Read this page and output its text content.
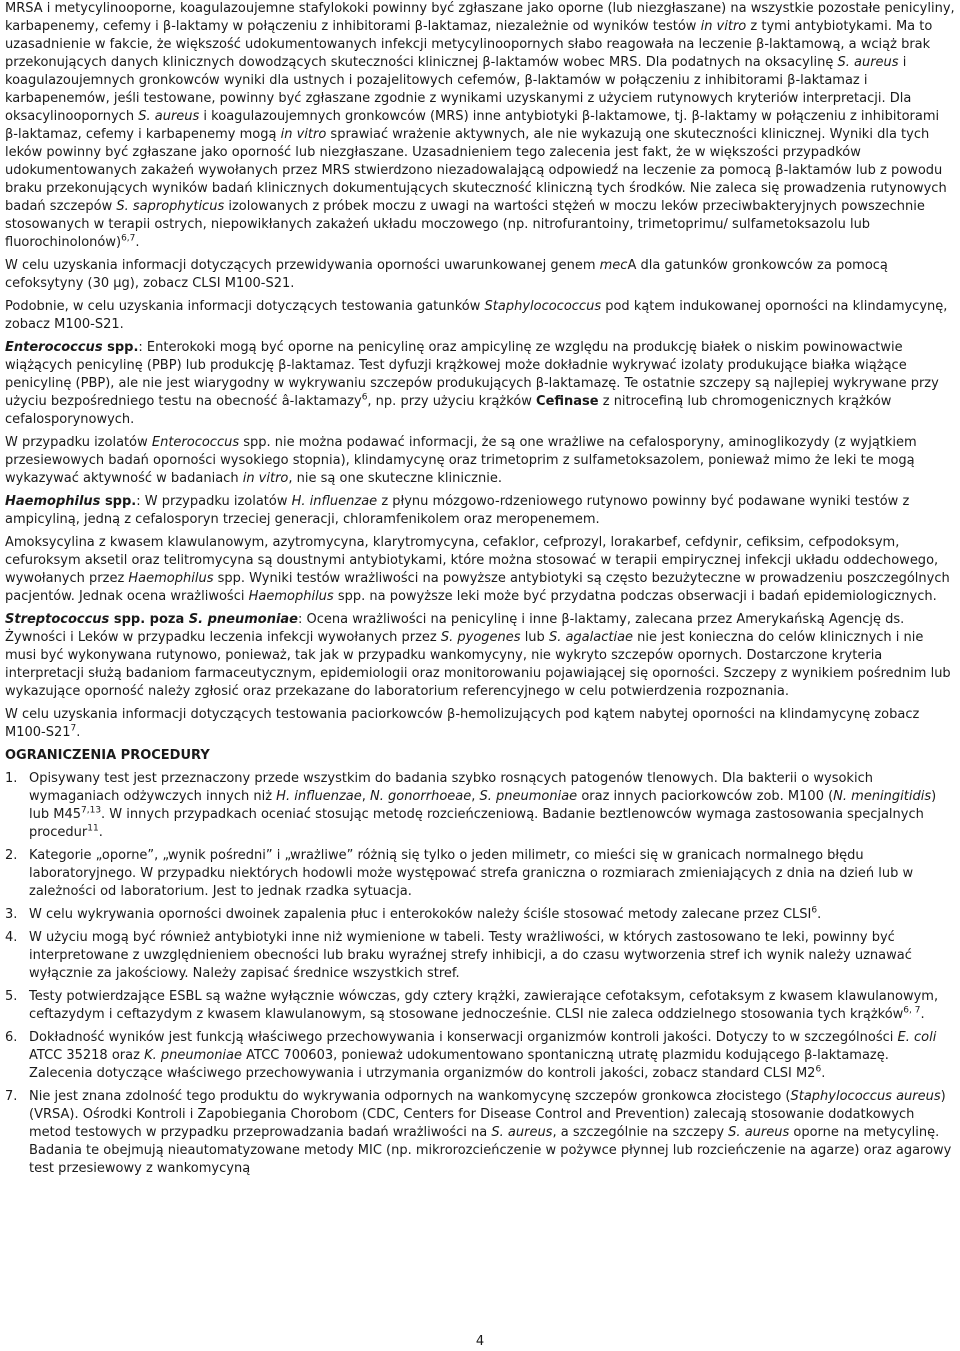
MRSA i metycylinooporne, koagulazoujemne stafylokoki powinny być zgłaszane jako oporne (lub niezgłaszane) na wszystkie pozostałe penicyliny, karbapenemy, cefemy i β-laktamy w połączeniu z inhibitorami β-laktamaz, niezależnie od wyników testów in vitro z tymi antybiotykami. Ma to uzasadnienie w fakcie, że większość udokumentowanych infekcji metycylinoopornych słabo reagowała na leczenie β-laktamową, a wciąż brak przekonujących danych klinicznych dowodzących skuteczności klinicznej β-laktamów wobec MRS. Dla podatnych na oksacylinę S. aureus i koagulazoujemnych gronkowców wyniki dla ustnych i pozajelitowych cefemów, β-laktamów w połączeniu z inhibitorami β-laktamaz i karbapenemów, jeśli testowane, powinny być zgłaszane zgodnie z wynikami uzyskanymi z użyciem rutynowych kryteriów interpretacji. Dla oksacylinoopornych S. aureus i koagulazoujemnych gronkowców (MRS) inne antybiotyki β-laktamowe, tj. β-laktamy w połączeniu z inhibitorami β-laktamaz, cefemy i karbapenemy mogą in vitro sprawiać wrażenie aktywnych, ale nie wykazują one skuteczności klinicznej. Wyniki dla tych leków powinny być zgłaszane jako oporność lub niezgłaszane. Uzasadnieniem tego zalecenia jest fakt, że w większości przypadków udokumentowanych zakażeń wywołanych przez MRS stwierdzono niezadowalającą odpowiedź na leczenie za pomocą β-laktamów lub z powodu braku przekonujących wyników badań klinicznych dokumentujących skuteczność kliniczną tych środków. Nie zaleca się prowadzenia rutynowych badań szczepów S. saprophyticus izolowanych z próbek moczu z uwagi na wartości stężeń w moczu leków przeciwbakteryjnych powszechnie stosowanych w terapii ostrych, niepowikłanych zakażeń układu moczowego (np. nitrofurantoiny, trimetoprimu/ sulfametoksazolu lub fluorochinolonów)$^{6,7}$.

W celu uzyskania informacji dotyczących przewidywania oporności uwarunkowanej genem mecA dla gatunków gronkowców za pomocą cefoksytyny (30 µg), zobacz CLSI M100-S21.

Podobnie, w celu uzyskania informacji dotyczących testowania gatunków Staphylocococcus pod kątem indukowanej oporności na klindamycynę, zobacz M100-S21.

Enterococcus spp.: Enterokoki mogą być oporne na penicylinę oraz ampicylinę ze względu na produkcję białek o niskim powinowactwie wiążących penicylinę (PBP) lub produkcję β-laktamaz. Test dyfuzji krążkowej może dokładnie wykrywać izolaty produkujące białka wiążące penicylinę (PBP), ale nie jest wiarygodny w wykrywaniu szczepów produkujących β-laktamazę. Te ostatnie szczepy są najlepiej wykrywane przy użyciu bezpośredniego testu na obecność â-laktamazy$^6$, np. przy użyciu krążków Cefinase z nitrocefiną lub chromogenicznych krążków cefalosporynowych.

W przypadku izolatów Enterococcus spp. nie można podawać informacji, że są one wrażliwe na cefalosporyny, aminoglikozydy (z wyjątkiem przesiewowych badań oporności wysokiego stopnia), klindamycynę oraz trimetoprim z sulfametoksazolem, ponieważ mimo że leki te mogą wykazywać aktywność w badaniach in vitro, nie są one skuteczne klinicznie.

Haemophilus spp.: W przypadku izolatów H. influenzae z płynu mózgowo-rdzeniowego rutynowo powinny być podawane wyniki testów z ampicyliną, jedną z cefalosporyn trzeciej generacji, chloramfenikolem oraz meropenemem.

Amoksycylina z kwasem klawulanowym, azytromycyna, klarytromycyna, cefaklor, cefprozyl, lorakarbef, cefdynir, cefiksim, cefpodoksym, cefuroksym aksetil oraz telitromycyna są doustnymi antybiotykami, które można stosować w terapii empirycznej infekcji układu oddechowego, wywołanych przez Haemophilus spp. Wyniki testów wrażliwości na powyższe antybiotyki są często bezużyteczne w prowadzeniu poszczególnych pacjentów. Jednak ocena wrażliwości Haemophilus spp. na powyższe leki może być przydatna podczas obserwacji i badań epidemiologicznych.

Streptococcus spp. poza S. pneumoniae: Ocena wrażliwości na penicylinę i inne β-laktamy, zalecana przez Amerykańską Agencję ds. Żywności i Leków w przypadku leczenia infekcji wywołanych przez S. pyogenes lub S. agalactiae nie jest konieczna do celów klinicznych i nie musi być wykonywana rutynowo, ponieważ, tak jak w przypadku wankomycyny, nie wykryto szczepów opornych. Dostarczone kryteria interpretacji służą badaniom farmaceutycznym, epidemiologii oraz monitorowaniu pojawiającej się oporności. Szczepy z wynikiem pośrednim lub wykazujące oporność należy zgłosić oraz przekazane do laboratorium referencyjnego w celu potwierdzenia rozpoznania.

W celu uzyskania informacji dotyczących testowania paciorkowców β-hemolizujących pod kątem nabytej oporności na klindamycynę zobacz $M100-S21^7$.

OGRANICZENIA PROCEDURY
1. Opisywany test jest przeznaczony przede wszystkim do badania szybko rosnących patogenów tlenowych. Dla bakterii o wysokich wymaganiach odżywczych innych niż H. influenzae, N. gonorrhoeae, S. pneumoniae oraz innych paciorkowców zob. M100 (N. meningitidis) lub M45$^{7,13}$. W innych przypadkach oceniać stosując metodę rozcieńczeniową. Badanie beztlenowców wymaga zastosowania specjalnych procedur$^{11}$.
2. Kategorie „oporne”, „wynik pośredni” i „wrażliwe” różnią się tylko o jeden milimetr, co mieści się w granicach normalnego błędu laboratoryjnego. W przypadku niektórych hodowli może występować strefa graniczna o rozmiarach zmieniających z dnia na dzień lub w zależności od laboratorium. Jest to jednak rzadka sytuacja.
3. W celu wykrywania oporności dwoinek zapalenia płuc i enterokoków należy ściśle stosować metody zalecane przez CLSI$^6$.
4. W użyciu mogą być również antybiotyki inne niż wymienione w tabeli. Testy wrażliwości, w których zastosowano te leki, powinny być interpretowane z uwzględnieniem obecności lub braku wyraźnej strefy inhibicji, a do czasu wytworzenia stref ich wynik należy uznawać wyłącznie za jakościowy. Należy zapisać średnice wszystkich stref.
5. Testy potwierdzające ESBL są ważne wyłącznie wówczas, gdy cztery krążki, zawierające cefotaksym, cefotaksym z kwasem klawulanowym, ceftazydym i ceftazydym z kwasem klawulanowym, są stosowane jednocześnie. CLSI nie zaleca oddzielnego stosowania tych krążków$^{6, 7}$.
6. Dokładność wyników jest funkcją właściwego przechowywania i konserwacji organizmów kontroli jakości. Dotyczy to w szczególności E. coli ATCC 35218 oraz K. pneumoniae ATCC 700603, ponieważ udokumentowano spontaniczną utratę plazmidu kodującego β-laktamazę. Zalecenia dotyczące właściwego przechowywania i utrzymania organizmów do kontroli jakości, zobacz standard CLSI $M2^6$.
7. Nie jest znana zdolność tego produktu do wykrywania odpornych na wankomycynę szczepów gronkowca złocistego (Staphylococcus aureus) (VRSA). Ośrodki Kontroli i Zapobiegania Chorobom (CDC, Centers for Disease Control and Prevention) zalecają stosowanie dodatkowych metod testowych w przypadku przeprowadzania badań wrażliwości na S. aureus, a szczególnie na szczepy S. aureus oporne na metycylinę. Badania te obejmują nieautomatyzowane metody MIC (np. mikrorozcieńczenie w pożywce płynnej lub rozcieńczenie na agarze) oraz agarowy test przesiewowy z wankomycyną
4
